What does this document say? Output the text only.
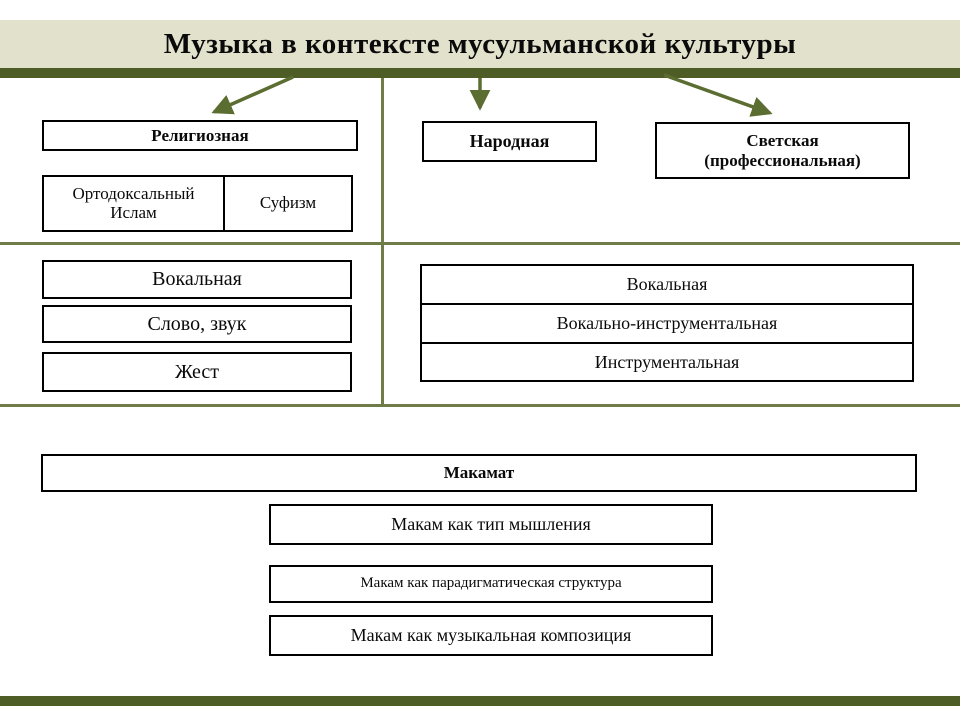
Музыка в контексте мусульманской культуры
Религиозная	Народная	Светская
(профессиональная)
Ортодоксальный Ислам	Суфизм
Вокальная
Слово, звук
Жест
Вокальная
Вокально-инструментальная
Инструментальная
Макамат
Макам как тип мышления
Макам как парадигматическая структура
Макам как музыкальная композиция
